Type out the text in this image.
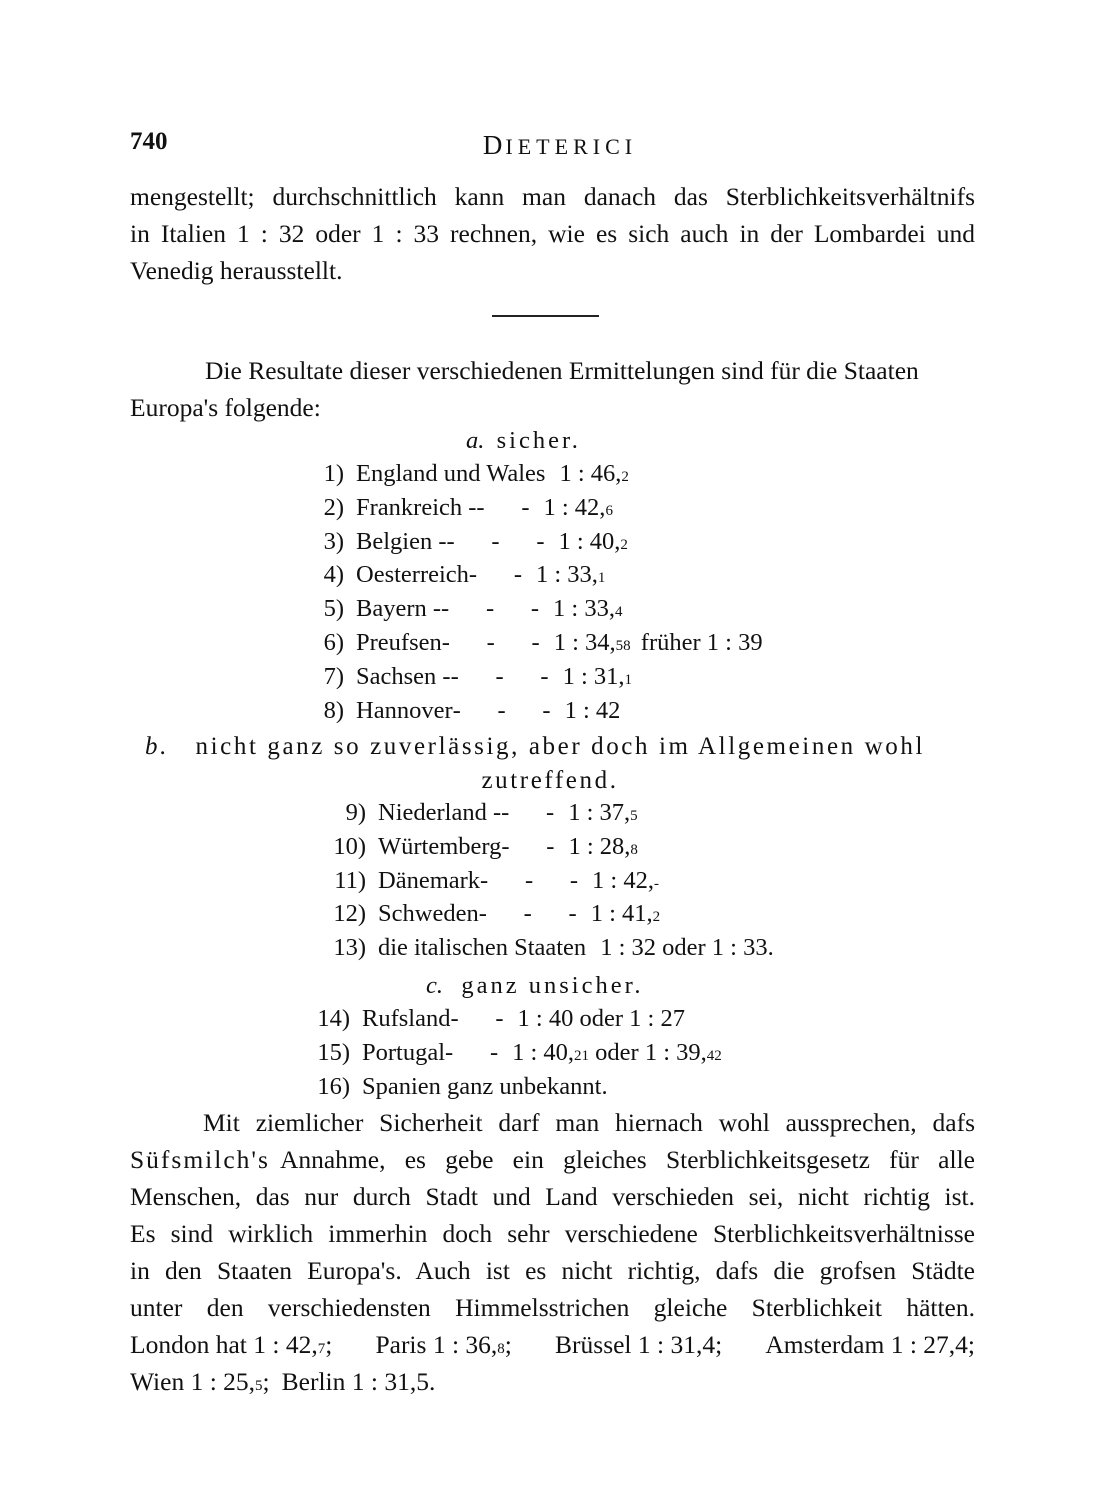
740	DIETERICI
mengestellt; durchschnittlich kann man danach das Sterblichkeitsverhältnifs
in Italien 1 : 32 oder 1 : 33 rechnen, wie es sich auch in der Lombardei und
Venedig herausstellt.
Die Resultate dieser verschiedenen Ermittelungen sind für die Staaten
Europa's folgende:
a. sicher.
1) England und Wales 1 : 46,2
2) Frankreich --      - 1 : 42,6
3) Belgien --      -      - 1 : 40,2
4) Oesterreich-      - 1 : 33,1
5) Bayern --      -      - 1 : 33,4
6) Preufsen-      -      - 1 : 34,58 früher 1 : 39
7) Sachsen --      -      - 1 : 31,1
8) Hannover-      -      - 1 : 42
b. nicht ganz so zuverlässig, aber doch im Allgemeinen wohl
zutreffend.
9) Niederland --      - 1 : 37,5
10) Würtemberg-      - 1 : 28,8
11) Dänemark-      -      - 1 : 42,-
12) Schweden-      -      - 1 : 41,2
13) die italischen Staaten 1 : 32 oder 1 : 33.
c. ganz unsicher.
14) Rufsland-      - 1 : 40 oder 1 : 27
15) Portugal-      - 1 : 40,21 oder 1 : 39,42
16) Spanien ganz unbekannt.
Mit ziemlicher Sicherheit darf man hiernach wohl aussprechen, dafs
Süfsmilch's Annahme, es gebe ein gleiches Sterblichkeitsgesetz für alle
Menschen, das nur durch Stadt und Land verschieden sei, nicht richtig ist.
Es sind wirklich immerhin doch sehr verschiedene Sterblichkeitsverhältnisse
in den Staaten Europa's. Auch ist es nicht richtig, dafs die grofsen Städte
unter den verschiedensten Himmelsstrichen gleiche Sterblichkeit hätten.
London hat 1 : 42,7; Paris 1 : 36,8; Brüssel 1 : 31,4; Amsterdam 1 : 27,4;
Wien 1 : 25,5; Berlin 1 : 31,5.
